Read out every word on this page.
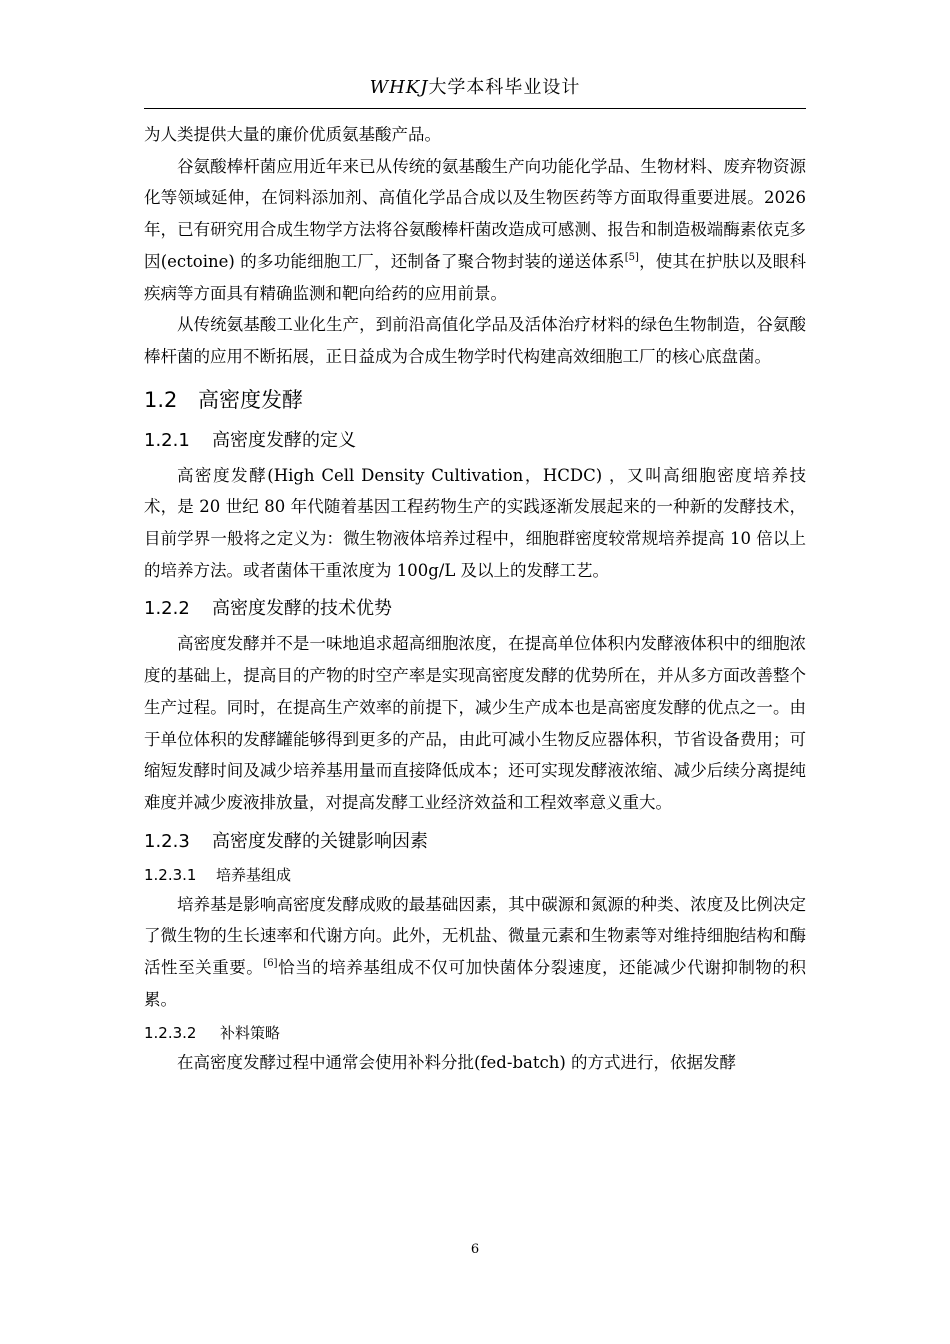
WHKJ大学本科毕业设计

为人类提供大量的廉价优质氨基酸产品。

谷氨酸棒杆菌应用近年来已从传统的氨基酸生产向功能化学品、生物材料、废弃物资源化等领域延伸，在饲料添加剂、高值化学品合成以及生物医药等方面取得重要进展。2026 年，已有研究用合成生物学方法将谷氨酸棒杆菌改造成可感测、报告和制造极端酶素依克多因(ectoine) 的多功能细胞工厂，还制备了聚合物封装的递送体系[5]，使其在护肤以及眼科疾病等方面具有精确监测和靶向给药的应用前景。

从传统氨基酸工业化生产，到前沿高值化学品及活体治疗材料的绿色生物制造，谷氨酸棒杆菌的应用不断拓展，正日益成为合成生物学时代构建高效细胞工厂的核心底盘菌。

1.2 高密度发酵
1.2.1 高密度发酵的定义

高密度发酵(High Cell Density Cultivation，HCDC) ，又叫高细胞密度培养技术，是 20 世纪 80 年代随着基因工程药物生产的实践逐渐发展起来的一种新的发酵技术，目前学界一般将之定义为：微生物液体培养过程中，细胞群密度较常规培养提高 10 倍以上的培养方法。或者菌体干重浓度为 100g/L 及以上的发酵工艺。

1.2.2 高密度发酵的技术优势

高密度发酵并不是一味地追求超高细胞浓度，在提高单位体积内发酵液体积中的细胞浓度的基础上，提高目的产物的时空产率是实现高密度发酵的优势所在，并从多方面改善整个生产过程。同时，在提高生产效率的前提下，减少生产成本也是高密度发酵的优点之一。由于单位体积的发酵罐能够得到更多的产品，由此可减小生物反应器体积，节省设备费用；可缩短发酵时间及减少培养基用量而直接降低成本；还可实现发酵液浓缩、减少后续分离提纯难度并减少废液排放量，对提高发酵工业经济效益和工程效率意义重大。

1.2.3 高密度发酵的关键影响因素
1.2.3.1 培养基组成

培养基是影响高密度发酵成败的最基础因素，其中碳源和氮源的种类、浓度及比例决定了微生物的生长速率和代谢方向。此外，无机盐、微量元素和生物素等对维持细胞结构和酶活性至关重要。[6]恰当的培养基组成不仅可加快菌体分裂速度，还能减少代谢抑制物的积累。

1.2.3.2 补料策略

在高密度发酵过程中通常会使用补料分批(fed-batch) 的方式进行，依据发酵

6
